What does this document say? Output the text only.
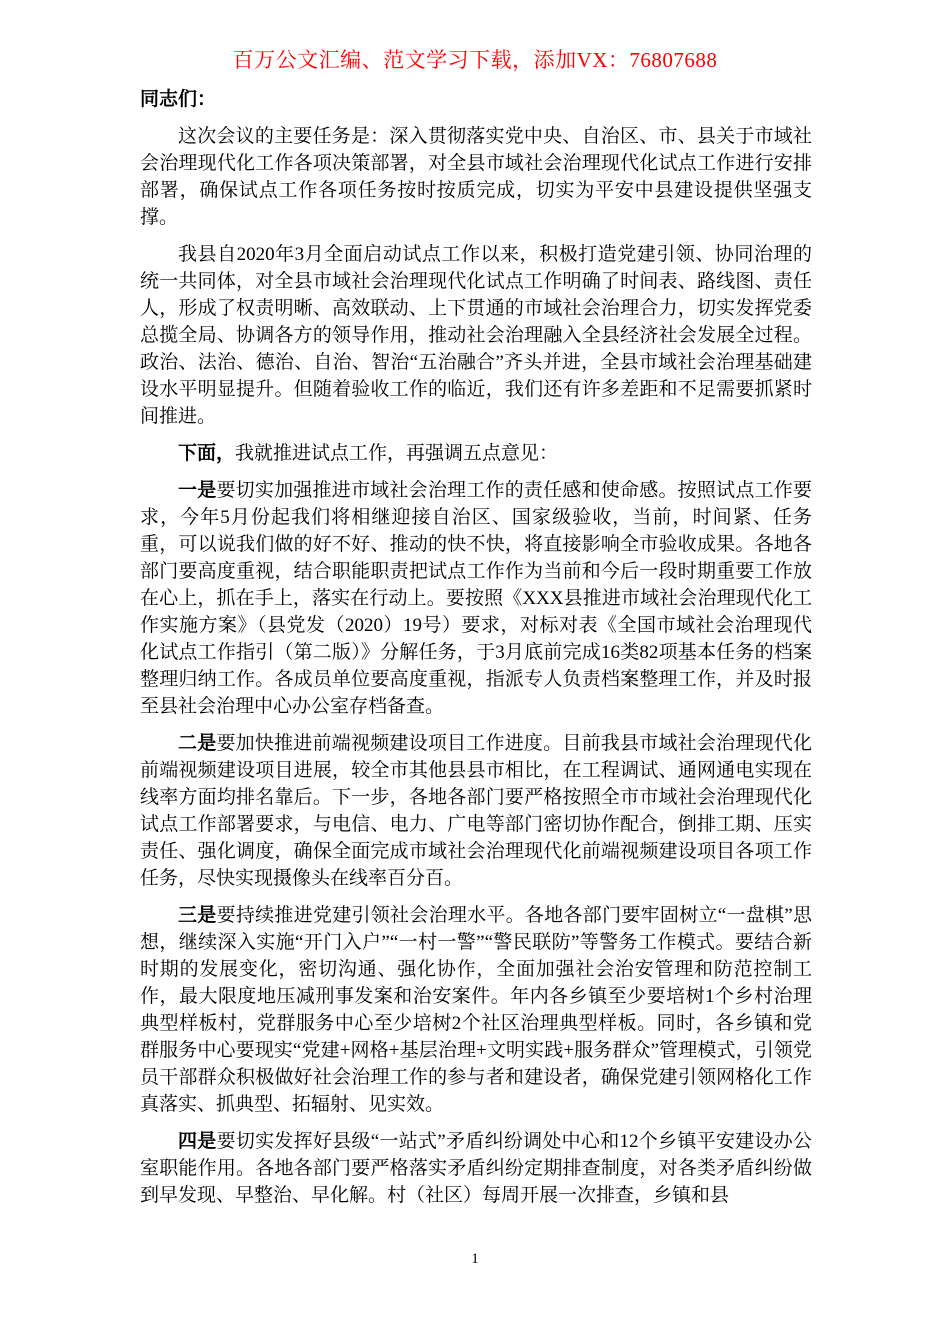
百万公文汇编、范文学习下载，添加VX：76807688

同志们：

这次会议的主要任务是：深入贯彻落实党中央、自治区、市、县关于市域社会治理现代化工作各项决策部署，对全县市域社会治理现代化试点工作进行安排部署，确保试点工作各项任务按时按质完成，切实为平安中县建设提供坚强支撑。

我县自2020年3月全面启动试点工作以来，积极打造党建引领、协同治理的统一共同体，对全县市域社会治理现代化试点工作明确了时间表、路线图、责任人，形成了权责明晰、高效联动、上下贯通的市域社会治理合力，切实发挥党委总揽全局、协调各方的领导作用，推动社会治理融入全县经济社会发展全过程。政治、法治、德治、自治、智治“五治融合”齐头并进，全县市域社会治理基础建设水平明显提升。但随着验收工作的临近，我们还有许多差距和不足需要抓紧时间推进。

下面，我就推进试点工作，再强调五点意见：

一是要切实加强推进市域社会治理工作的责任感和使命感。按照试点工作要求，今年5月份起我们将相继迎接自治区、国家级验收，当前，时间紧、任务重，可以说我们做的好不好、推动的快不快，将直接影响全市验收成果。各地各部门要高度重视，结合职能职责把试点工作作为当前和今后一段时期重要工作放在心上，抓在手上，落实在行动上。要按照《XXX县推进市域社会治理现代化工作实施方案》（县党发（2020）19号）要求，对标对表《全国市域社会治理现代化试点工作指引（第二版）》分解任务，于3月底前完成16类82项基本任务的档案整理归纳工作。各成员单位要高度重视，指派专人负责档案整理工作，并及时报至县社会治理中心办公室存档备查。

二是要加快推进前端视频建设项目工作进度。目前我县市域社会治理现代化前端视频建设项目进展，较全市其他县县市相比，在工程调试、通网通电实现在线率方面均排名靠后。下一步，各地各部门要严格按照全市市域社会治理现代化试点工作部署要求，与电信、电力、广电等部门密切协作配合，倒排工期、压实责任、强化调度，确保全面完成市域社会治理现代化前端视频建设项目各项工作任务，尽快实现摄像头在线率百分百。

三是要持续推进党建引领社会治理水平。各地各部门要牢固树立“一盘棋”思想，继续深入实施“开门入户”“一村一警”“警民联防”等警务工作模式。要结合新时期的发展变化，密切沟通、强化协作，全面加强社会治安管理和防范控制工作，最大限度地压减刑事发案和治安案件。年内各乡镇至少要培树1个乡村治理典型样板村，党群服务中心至少培树2个社区治理典型样板。同时，各乡镇和党群服务中心要现实“党建+网格+基层治理+文明实践+服务群众”管理模式，引领党员干部群众积极做好社会治理工作的参与者和建设者，确保党建引领网格化工作真落实、抓典型、拓辐射、见实效。

四是要切实发挥好县级“一站式”矛盾纠纷调处中心和12个乡镇平安建设办公室职能作用。各地各部门要严格落实矛盾纠纷定期排查制度，对各类矛盾纠纷做到早发现、早整治、早化解。村（社区）每周开展一次排查，乡镇和县

1
